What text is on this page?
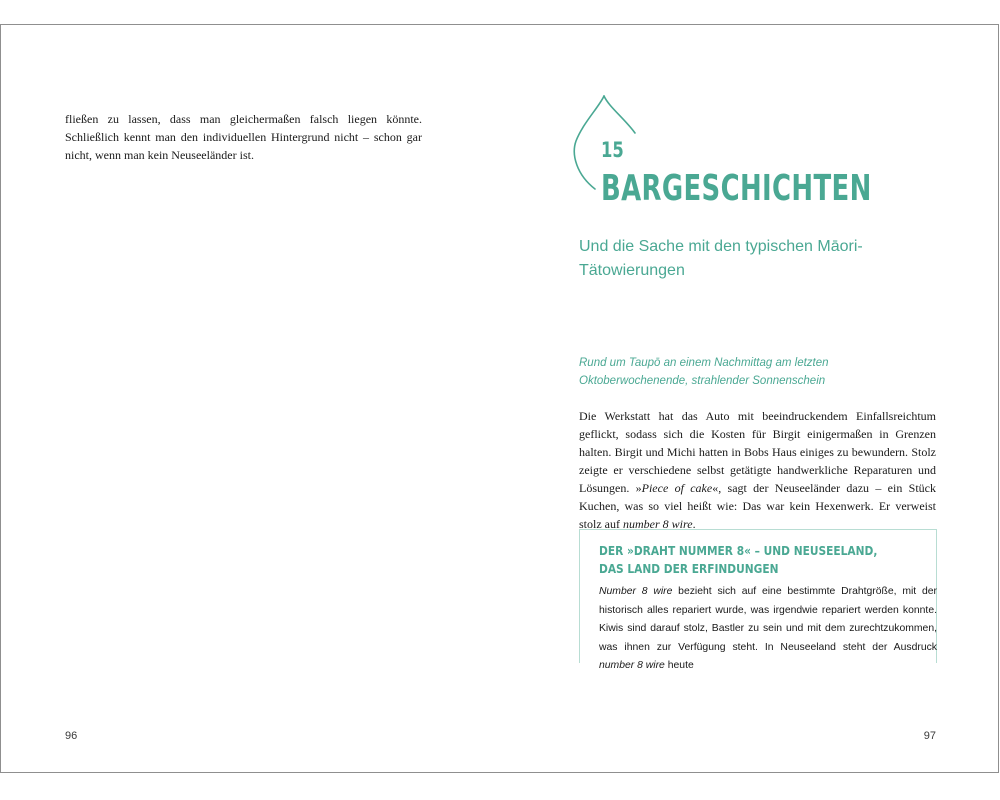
fließen zu lassen, dass man gleichermaßen falsch liegen könnte. Schließlich kennt man den individuellen Hintergrund nicht – schon gar nicht, wenn man kein Neuseeländer ist.

96
15
BARGESCHICHTEN
Und die Sache mit den typischen Māori-Tätowierungen
Rund um Taupō an einem Nachmittag am letzten Oktoberwochenende, strahlender Sonnenschein

Die Werkstatt hat das Auto mit beeindruckendem Einfallsreichtum geflickt, sodass sich die Kosten für Birgit einigermaßen in Grenzen halten. Birgit und Michi hatten in Bobs Haus einiges zu bewundern. Stolz zeigte er verschiedene selbst getätigte handwerkliche Reparaturen und Lösungen. »Piece of cake«, sagt der Neuseeländer dazu – ein Stück Kuchen, was so viel heißt wie: Das war kein Hexenwerk. Er verweist stolz auf number 8 wire.

DER »DRAHT NUMMER 8« – UND NEUSEELAND,
DAS LAND DER ERFINDUNGEN

Number 8 wire bezieht sich auf eine bestimmte Drahtgröße, mit der historisch alles repariert wurde, was irgendwie repariert werden konnte. Kiwis sind darauf stolz, Bastler zu sein und mit dem zurechtzukommen, was ihnen zur Verfügung steht. In Neuseeland steht der Ausdruck number 8 wire heute

97
